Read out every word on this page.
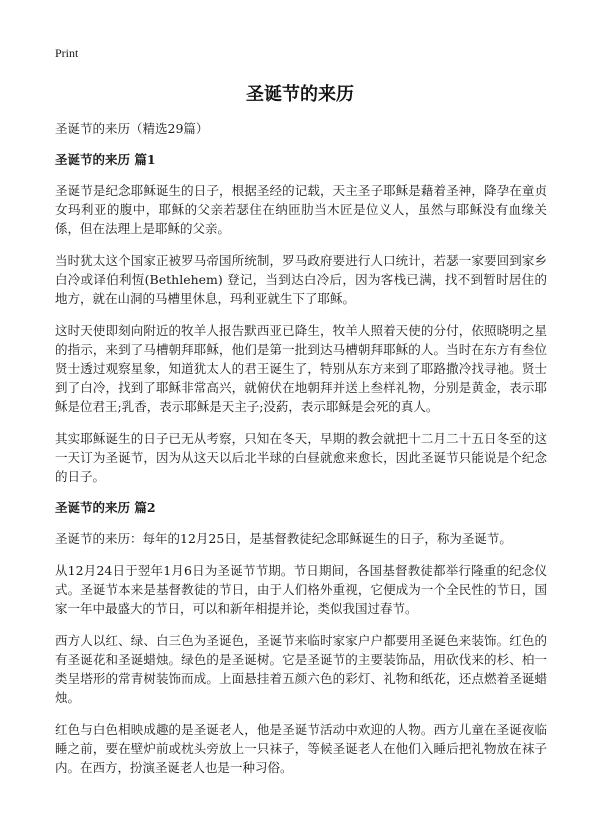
Print
圣诞节的来历

圣诞节的来历（精选29篇）

圣诞节的来历 篇1

圣诞节是纪念耶稣诞生的日子，根据圣经的记载，天主圣子耶稣是藉着圣神，降孕在童贞女玛利亚的腹中，耶稣的父亲若瑟住在纳匝肋当木匠是位义人，虽然与耶稣没有血缘关係，但在法理上是耶稣的父亲。

当时犹太这个国家正被罗马帝国所统制，罗马政府要进行人口统计，若瑟一家要回到家乡白冷或译伯利恆(Bethlehem) 登记，当到达白冷后，因为客栈已满，找不到暂时居住的地方，就在山洞的马槽里休息，玛利亚就生下了耶稣。

这时天使即刻向附近的牧羊人报告默西亚已降生，牧羊人照着天使的分付，依照晓明之星的指示，来到了马槽朝拜耶稣，他们是第一批到达马槽朝拜耶稣的人。当时在东方有叁位贤士透过观察星象，知道犹太人的君王诞生了，特别从东方来到了耶路撒冷找寻祂。贤士到了白冷，找到了耶稣非常高兴，就俯伏在地朝拜并送上叁样礼物，分别是黄金，表示耶稣是位君王;乳香，表示耶稣是天主子;没葯，表示耶稣是会死的真人。

其实耶稣诞生的日子已无从考察，只知在冬天，早期的教会就把十二月二十五日冬至的这一天订为圣诞节，因为从这天以后北半球的白昼就愈来愈长，因此圣诞节只能说是个纪念的日子。

圣诞节的来历 篇2

圣诞节的来历：每年的12月25日，是基督教徒纪念耶稣诞生的日子，称为圣诞节。

从12月24日于翌年1月6日为圣诞节节期。节日期间，各国基督教徒都举行隆重的纪念仪式。圣诞节本来是基督教徒的节日，由于人们格外重视，它便成为一个全民性的节日，国家一年中最盛大的节日，可以和新年相提并论，类似我国过春节。

西方人以红、绿、白三色为圣诞色，圣诞节来临时家家户户都要用圣诞色来装饰。红色的有圣诞花和圣诞蜡烛。绿色的是圣诞树。它是圣诞节的主要装饰品，用砍伐来的杉、柏一类呈塔形的常青树装饰而成。上面悬挂着五颜六色的彩灯、礼物和纸花，还点燃着圣诞蜡烛。

红色与白色相映成趣的是圣诞老人，他是圣诞节活动中欢迎的人物。西方儿童在圣诞夜临睡之前，要在壁炉前或枕头旁放上一只袜子，等候圣诞老人在他们入睡后把礼物放在袜子内。在西方，扮演圣诞老人也是一种习俗。
